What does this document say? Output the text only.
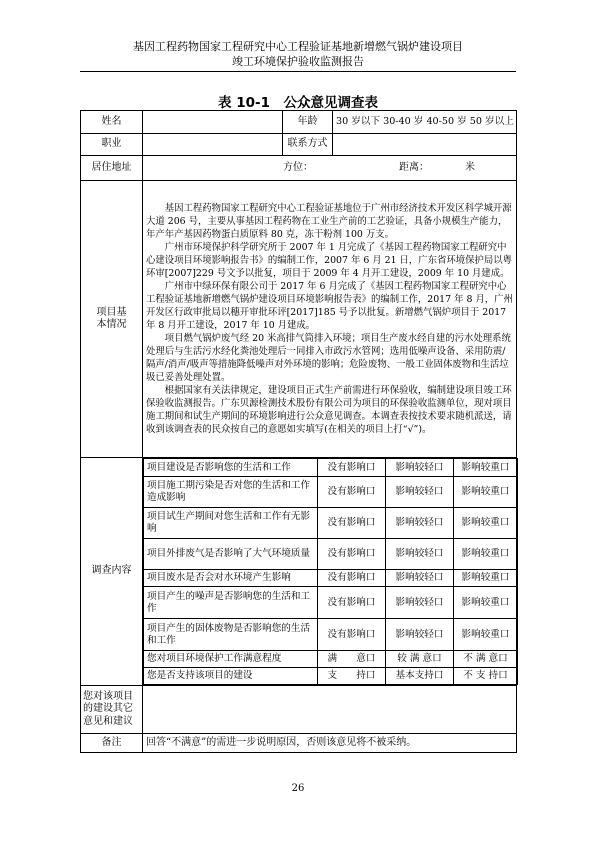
基因工程药物国家工程研究中心工程验证基地新增燃气锅炉建设项目
竣工环境保护验收监测报告
表 10-1　公众意见调查表
姓名		年龄	30 岁以下 30-40 岁 40-50 岁 50 岁以上
职业		联系方式	
居住地址	方位：	距离：	米

项目基本情况	

基因工程药物国家工程研究中心工程验证基地位于广州市经济技术开发区科学城开源大道 206 号，主要从事基因工程药物在工业生产前的工艺验证，具备小规模生产能力，年产年产基因药物蛋白质原料 80 克，冻干粉剂 100 万支。

广州市环境保护科学研究所于 2007 年 1 月完成了《基因工程药物国家工程研究中心建设项目环境影响报告书》的编制工作，2007 年 6 月 21 日，广东省环境保护局以粤环审[2007]229 号文予以批复，项目于 2009 年 4 月开工建设，2009 年 10 月建成。

广州市中绿环保有限公司于 2017 年 6 月完成了《基因工程药物国家工程研究中心工程验证基地新增燃气锅炉建设项目环境影响报告表》的编制工作，2017 年 8 月，广州开发区行政审批局以穗开审批环评[2017]185 号予以批复。新增燃气锅炉项目于 2017 年 8 月开工建设，2017 年 10 月建成。

项目燃气锅炉废气经 20 米高排气筒排入环境；项目生产废水经自建的污水处理系统处理后与生活污水经化粪池处理后一同排入市政污水管网；选用低噪声设备、采用防震/隔声/消声/吸声等措施降低噪声对外环境的影响；危险废物、一般工业固体废物和生活垃圾已妥善处理处置。

根据国家有关法律规定，建设项目正式生产前需进行环保验收，编制建设项目竣工环保验收监测报告。广东贝源检测技术股份有限公司为项目的环保验收监测单位，现对项目施工期间和试生产期间的环境影响进行公众意见调查。本调查表按技术要求随机派送，请收到该调查表的民众按自己的意愿如实填写(在相关的项目上打“√”)。

调查内容	
项目建设是否影响您的生活和工作	没有影响口	影响较轻口	影响较重口
项目施工期污染是否对您的生活和工作造成影响	没有影响口	影响较轻口	影响较重口
项目试生产期间对您生活和工作有无影响	没有影响口	影响较轻口	影响较重口
项目外排废气是否影响了大气环境质量	没有影响口	影响较轻口	影响较重口
项目废水是否会对水环境产生影响	没有影响口	影响较轻口	影响较重口
项目产生的噪声是否影响您的生活和工作	没有影响口	影响较轻口	影响较重口
项目产生的固体废物是否影响您的生活和工作	没有影响口	影响较轻口	影响较重口
您对项目环境保护工作满意程度	满　　意口	较 满 意口	不 满 意口
您是否支持该项目的建设	支　　持口	基本支持口	不 支 持口

您对该项目的建设其它意见和建议	
备注	回答“不满意”的需进一步说明原因，否则该意见将不被采纳。
26
